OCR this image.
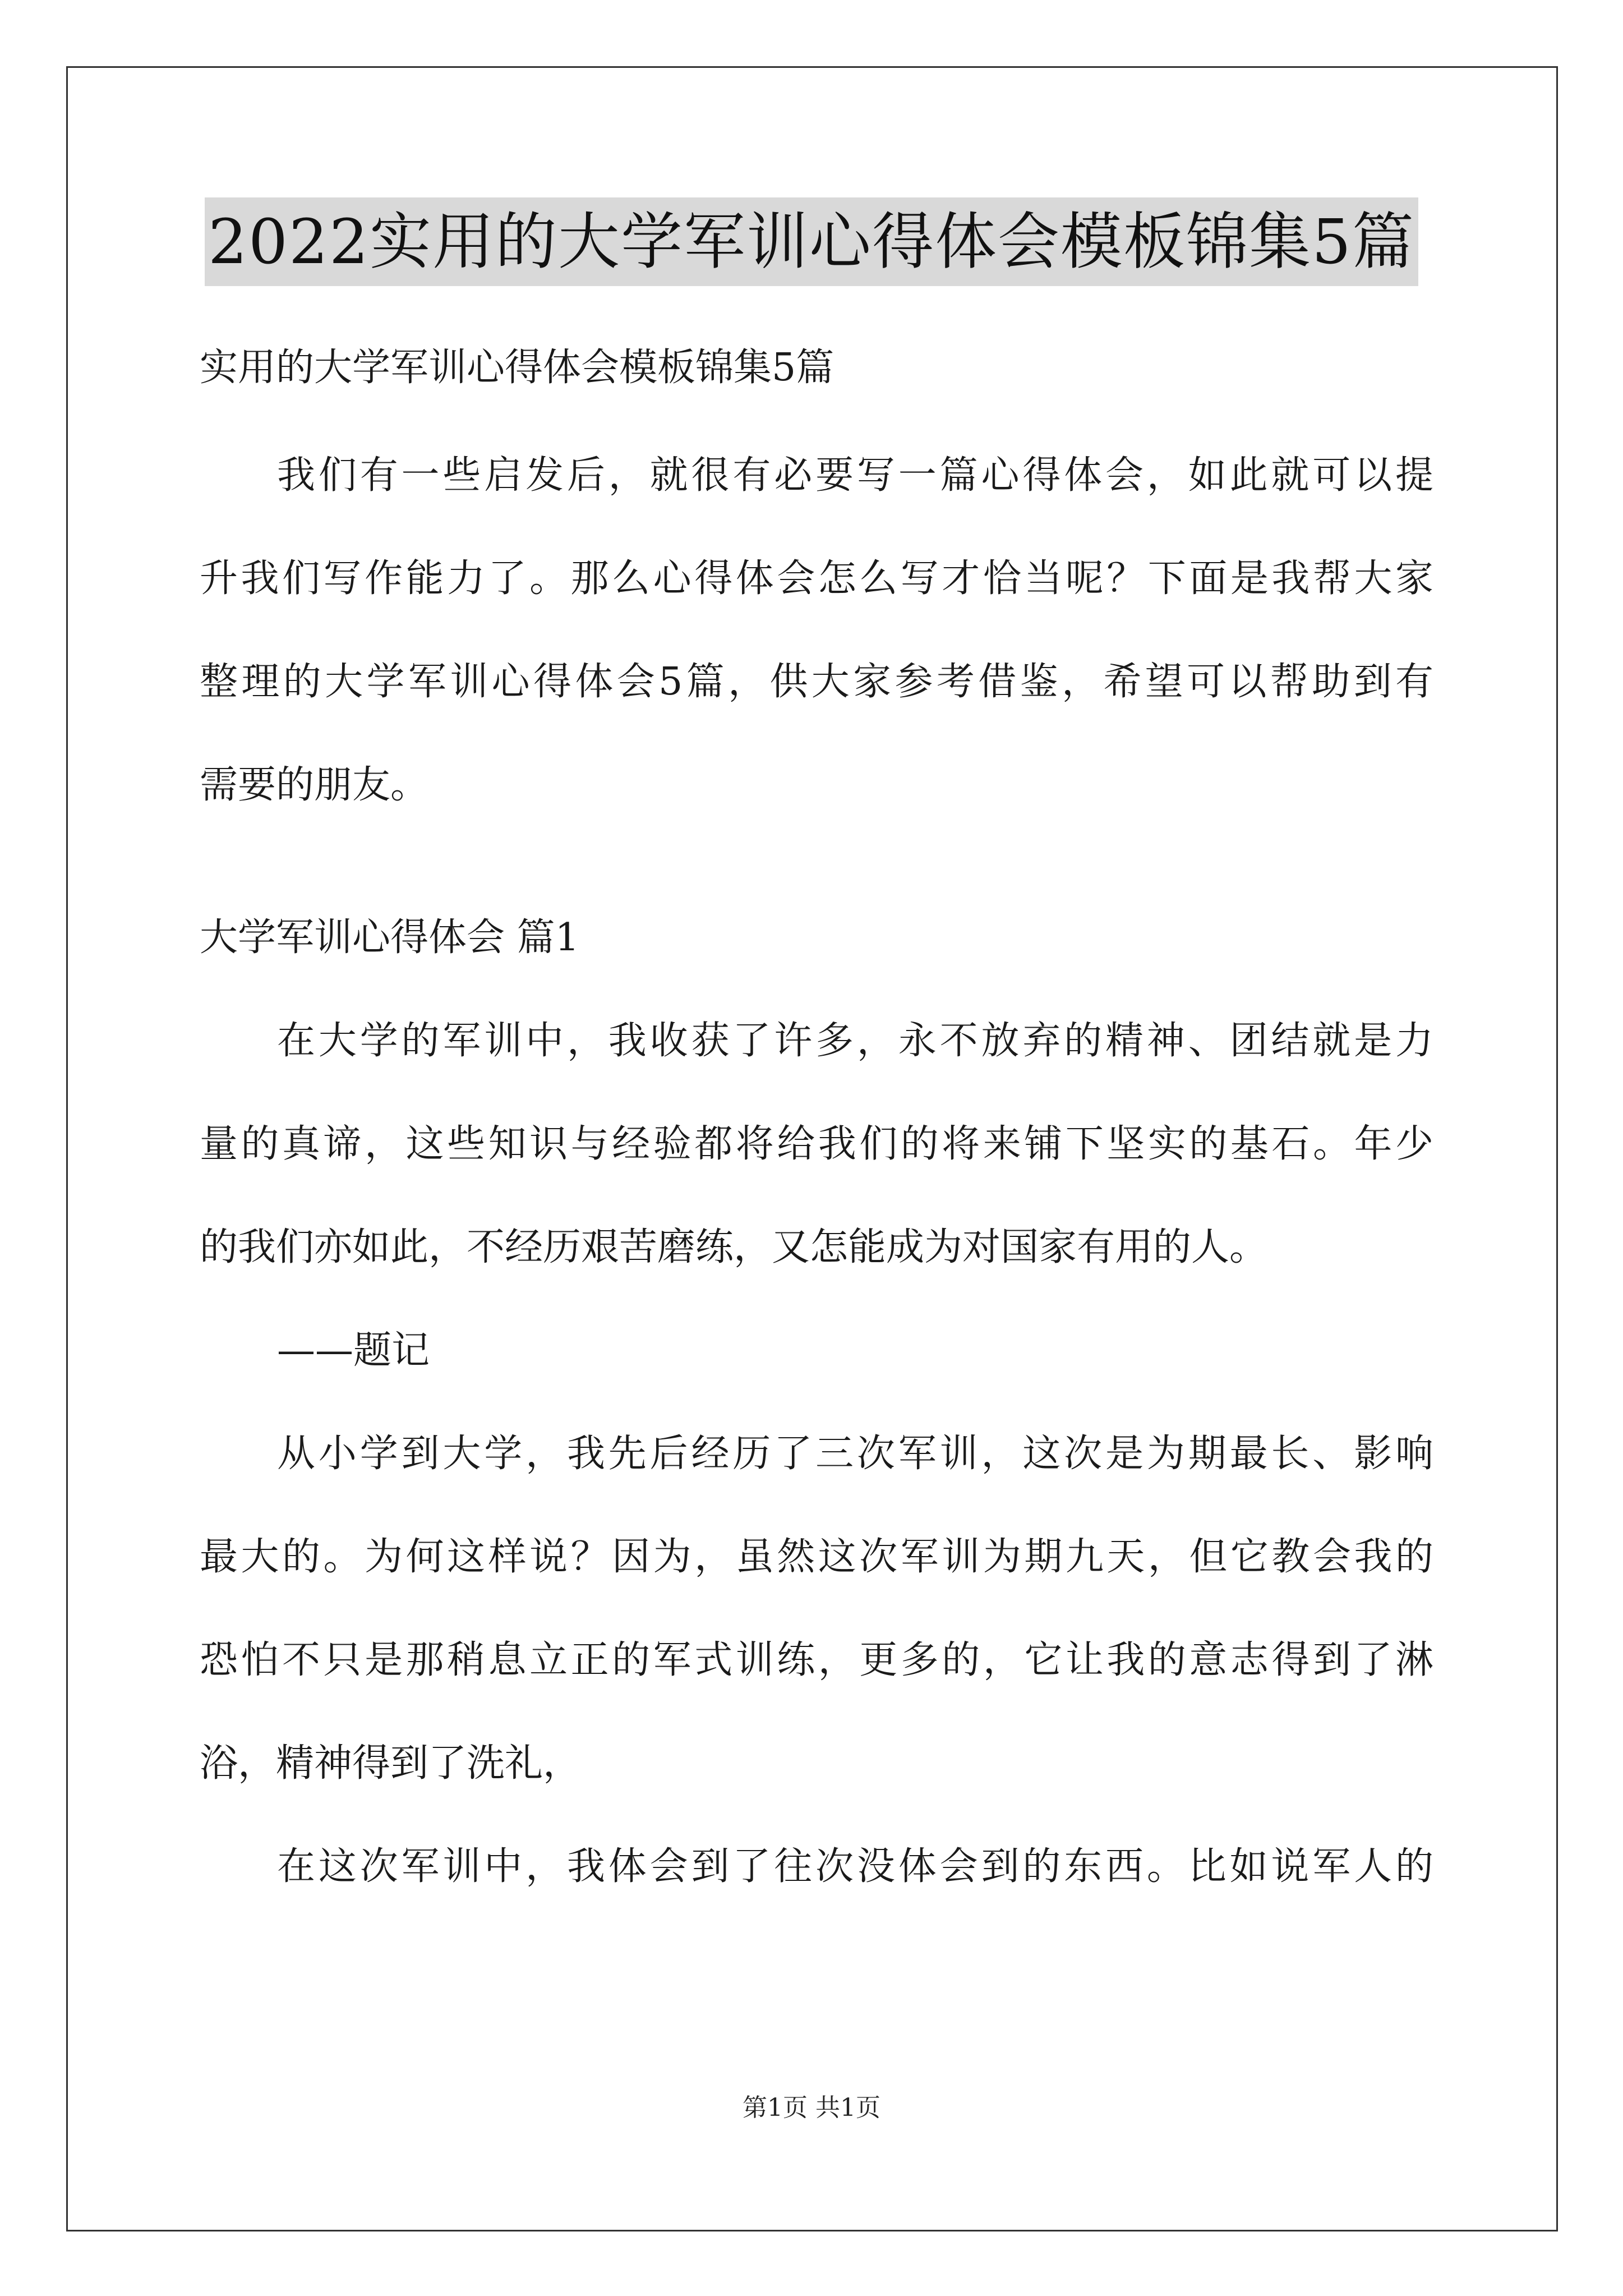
2022实用的大学军训心得体会模板锦集5篇

实用的大学军训心得体会模板锦集5篇

我们有一些启发后，就很有必要写一篇心得体会，如此就可以提

升我们写作能力了。那么心得体会怎么写才恰当呢？下面是我帮大家

整理的大学军训心得体会5篇，供大家参考借鉴，希望可以帮助到有

需要的朋友。

大学军训心得体会 篇1

在大学的军训中，我收获了许多，永不放弃的精神、团结就是力

量的真谛，这些知识与经验都将给我们的将来铺下坚实的基石。年少

的我们亦如此，不经历艰苦磨练，又怎能成为对国家有用的人。

——题记

从小学到大学，我先后经历了三次军训，这次是为期最长、影响

最大的。为何这样说？因为，虽然这次军训为期九天，但它教会我的

恐怕不只是那稍息立正的军式训练，更多的，它让我的意志得到了淋

浴，精神得到了洗礼，

在这次军训中，我体会到了往次没体会到的东西。比如说军人的

第1页 共1页
